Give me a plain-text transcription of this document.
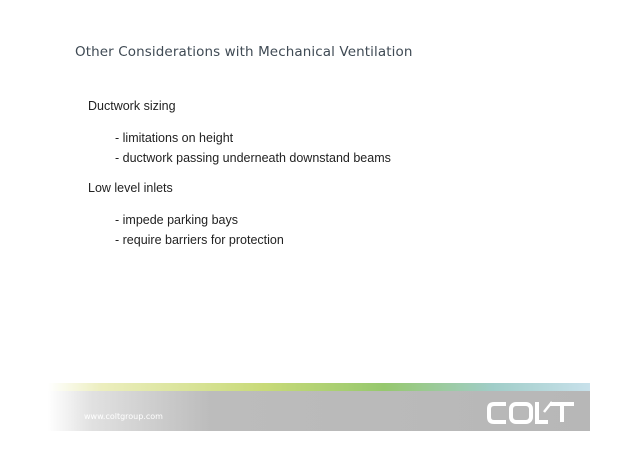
Other Considerations with Mechanical Ventilation
Ductwork sizing
- limitations on height
- ductwork passing underneath downstand beams
Low level inlets
- impede parking bays
- require barriers for protection
www.coltgroup.com
